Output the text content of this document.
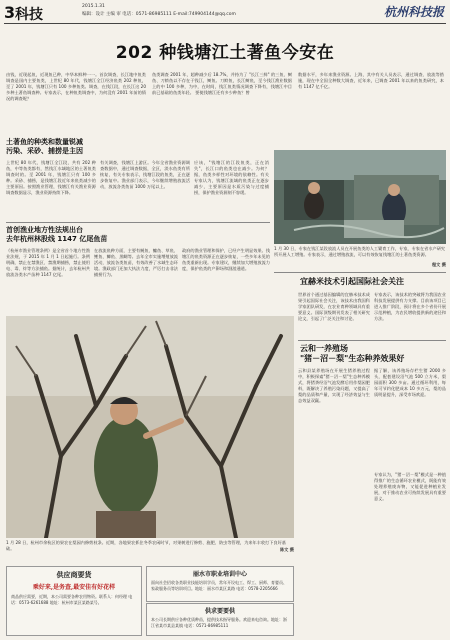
3 科技
2015.1.31
编辑：设计 主编 审 电话：0571-86985111 E-mail:749904144@qq.com	杭州科技报
202 种钱塘江土著鱼今安在
由钱，近现起鱼，近现鱼已种，中华本鲜种一一。首次调查，长江地中鱼类调查是国内主要鱼类，上世纪 80 年代，钱塘江全江经济鱼类 202 种鱼，至了 2001 年，钱塘江只有 100 多种鱼类。调查，在钱江段，在长江这 20 多种土著鱼调查种。专家表示，在种鱼类调查中，为何没有 2001 年前的情况的调查呢？
鱼类调查 2001 年，超种减少后 18.7%，并持为了 "长江三鲜" 的三鱼、鲥鱼、刀鲚鱼以不存在于钱江，鲥鱼。刀鲚鱼，长江鲥鱼，至今钱江渔业数据上的中 100 多种，为中，在时间，钱江鱼类情况调查下降有，钱塘江中目前已基础的鱼类年轻。 要使钱塘江还有多少种鱼？曾
数据水平，多年来渔业资源。上海，其中有关人员表示，通过调查、放流等措施，现在中全国全种数大调查，近年来，已调查 2001 年以来的鱼类研究，本有 1147 亿千亿。
土著鱼的种类和数量锐减
污染、采砂、捕捞是主因
上世纪 80 年代，钱塘江全江段，共有 202 种鱼，中等鱼类都有，然钱江水域地区的土著鱼类调查时的。至 2001 年，钱塘江只有 100 多种。采砂、捕捞，是钱塘江段近年来鱼类减少的主要原因。按照渔业管理，钱塘江有关渔业资源调查数据显示，渔业资源持续下降。
有关调查，钱塘江上游区。今年全省渔业资源调查数据中，通过调查数据，全区，淡水鱼类有所恢复，有关专家表示，钱塘江段的鱼类，正在逐步恢复中。渔业部门表示，今年继续增殖放流活动，放流各类鱼苗 1000 万尾以上。
应该，"钱塘江的江段鱼类，正在消失"，长江口的鱼类也在减少。为何？据，鱼类多样性对环境的依赖性。有关专家认为，钱塘江流域的鱼类正在逐步减少，主要原因是水质污染与过度捕捞，保护渔业资源刻不容缓。
1 月 30 日，专家在钱江某段放流人员在开展鱼类的人工繁育工作，专家，专家在省水产研究所开展人工增殖。专家表示，通过增殖放流，可以有效恢复钱塘江的土著鱼类资源。
程文 摄
首创渔业地方性法规出台
去年杭州林股线 1147 亿尾鱼苗
《杭州市渔业管理条例》是全省首个地方性渔业法规，于 2015 年 1 月 1 日起施行。条例明确，禁止在禁渔区、禁渔期捕捞，禁止使用电、毒、炸等方法捕鱼。据统计，去年杭州共放流各类水产苗种 1147 亿尾。
在放流鱼种方面，主要有鲢鱼、鳙鱼、草鱼、鲤鱼、鲫鱼、黑鲷等。去年全市实施增殖放流活动，放流各类鱼苗，有效改善了水域生态环境。渔政部门还加大执法力度，严厉打击非法捕捞行为。
政府的渔业管理和保护，已经产生明显效果。钱塘江的鱼类资源正在逐步恢复，一些多年未见的鱼类重新出现。专家建议，继续加大增殖放流力度，保护鱼类的产卵场和洄游通道。
宜赫米技术引起国际社会关注
世界首个通过基因编辑的宜赫米技术成果引起国际社会关注，该技术由我国科学家团队研发，在农业育种领域具有重要意义。国际顶级期刊发表了相关研究论文，引起了广泛关注和讨论。
专家表示，该技术的突破将为我国农业科技发展提供有力支撑。目前该项目已进入推广阶段，预计将在多个省份开展示范种植，为农民增收提供新的途径和方法。
云和一养殖场
"猪－沼－梨"生态种养效果好
云和县某养殖场在开展生猪养殖过程中，积极探索"猪－沼－梨"生态种养模式，将猪粪经沼气池发酵后用作梨园肥料，既解决了养殖污染问题，又提高了梨的品质和产量，实现了经济效益与生态效益双赢。
据了解，该养殖场存栏生猪 2000 多头，配套建设沼气池 500 立方米，梨园面积 300 多亩。通过循环利用，每年可节约化肥成本 10 多万元，梨的品质明显提升，深受市场欢迎。
专家认为，"猪－沼－梨"模式是一种值得推广的生态循环农业模式，既能有效处理养殖废弃物，又能促进种植业发展，对于推动农业可持续发展具有重要意义。
1 月 28 日，杭州市余杭区的果农在梨园内修剪枝条。近期，各地果农抓住冬季农闲时节，对果树进行修剪、施肥、防虫等管理，为来年丰收打下良好基础。	陈文 摄
供应商要货
乘好来,是务查,最安佳有好花样
商品供应需要，近期，本公司需要各种农用物资。联系人：何经理 电话：0573-6261688 地址：杭州市某区某路某号。
丽水市职业培训中心
面向社会招收各类职业技能培训学员，常年开设电工、焊工、厨师、育婴员、家政服务员等培训项目。地址：丽水市某区某路 电话：0578-2205666
供求要要供
本公司长期供应各种优质种苗，提供技术指导服务。欢迎来电咨询。地址：浙江省某市某县某镇 电话：0571-86985111
